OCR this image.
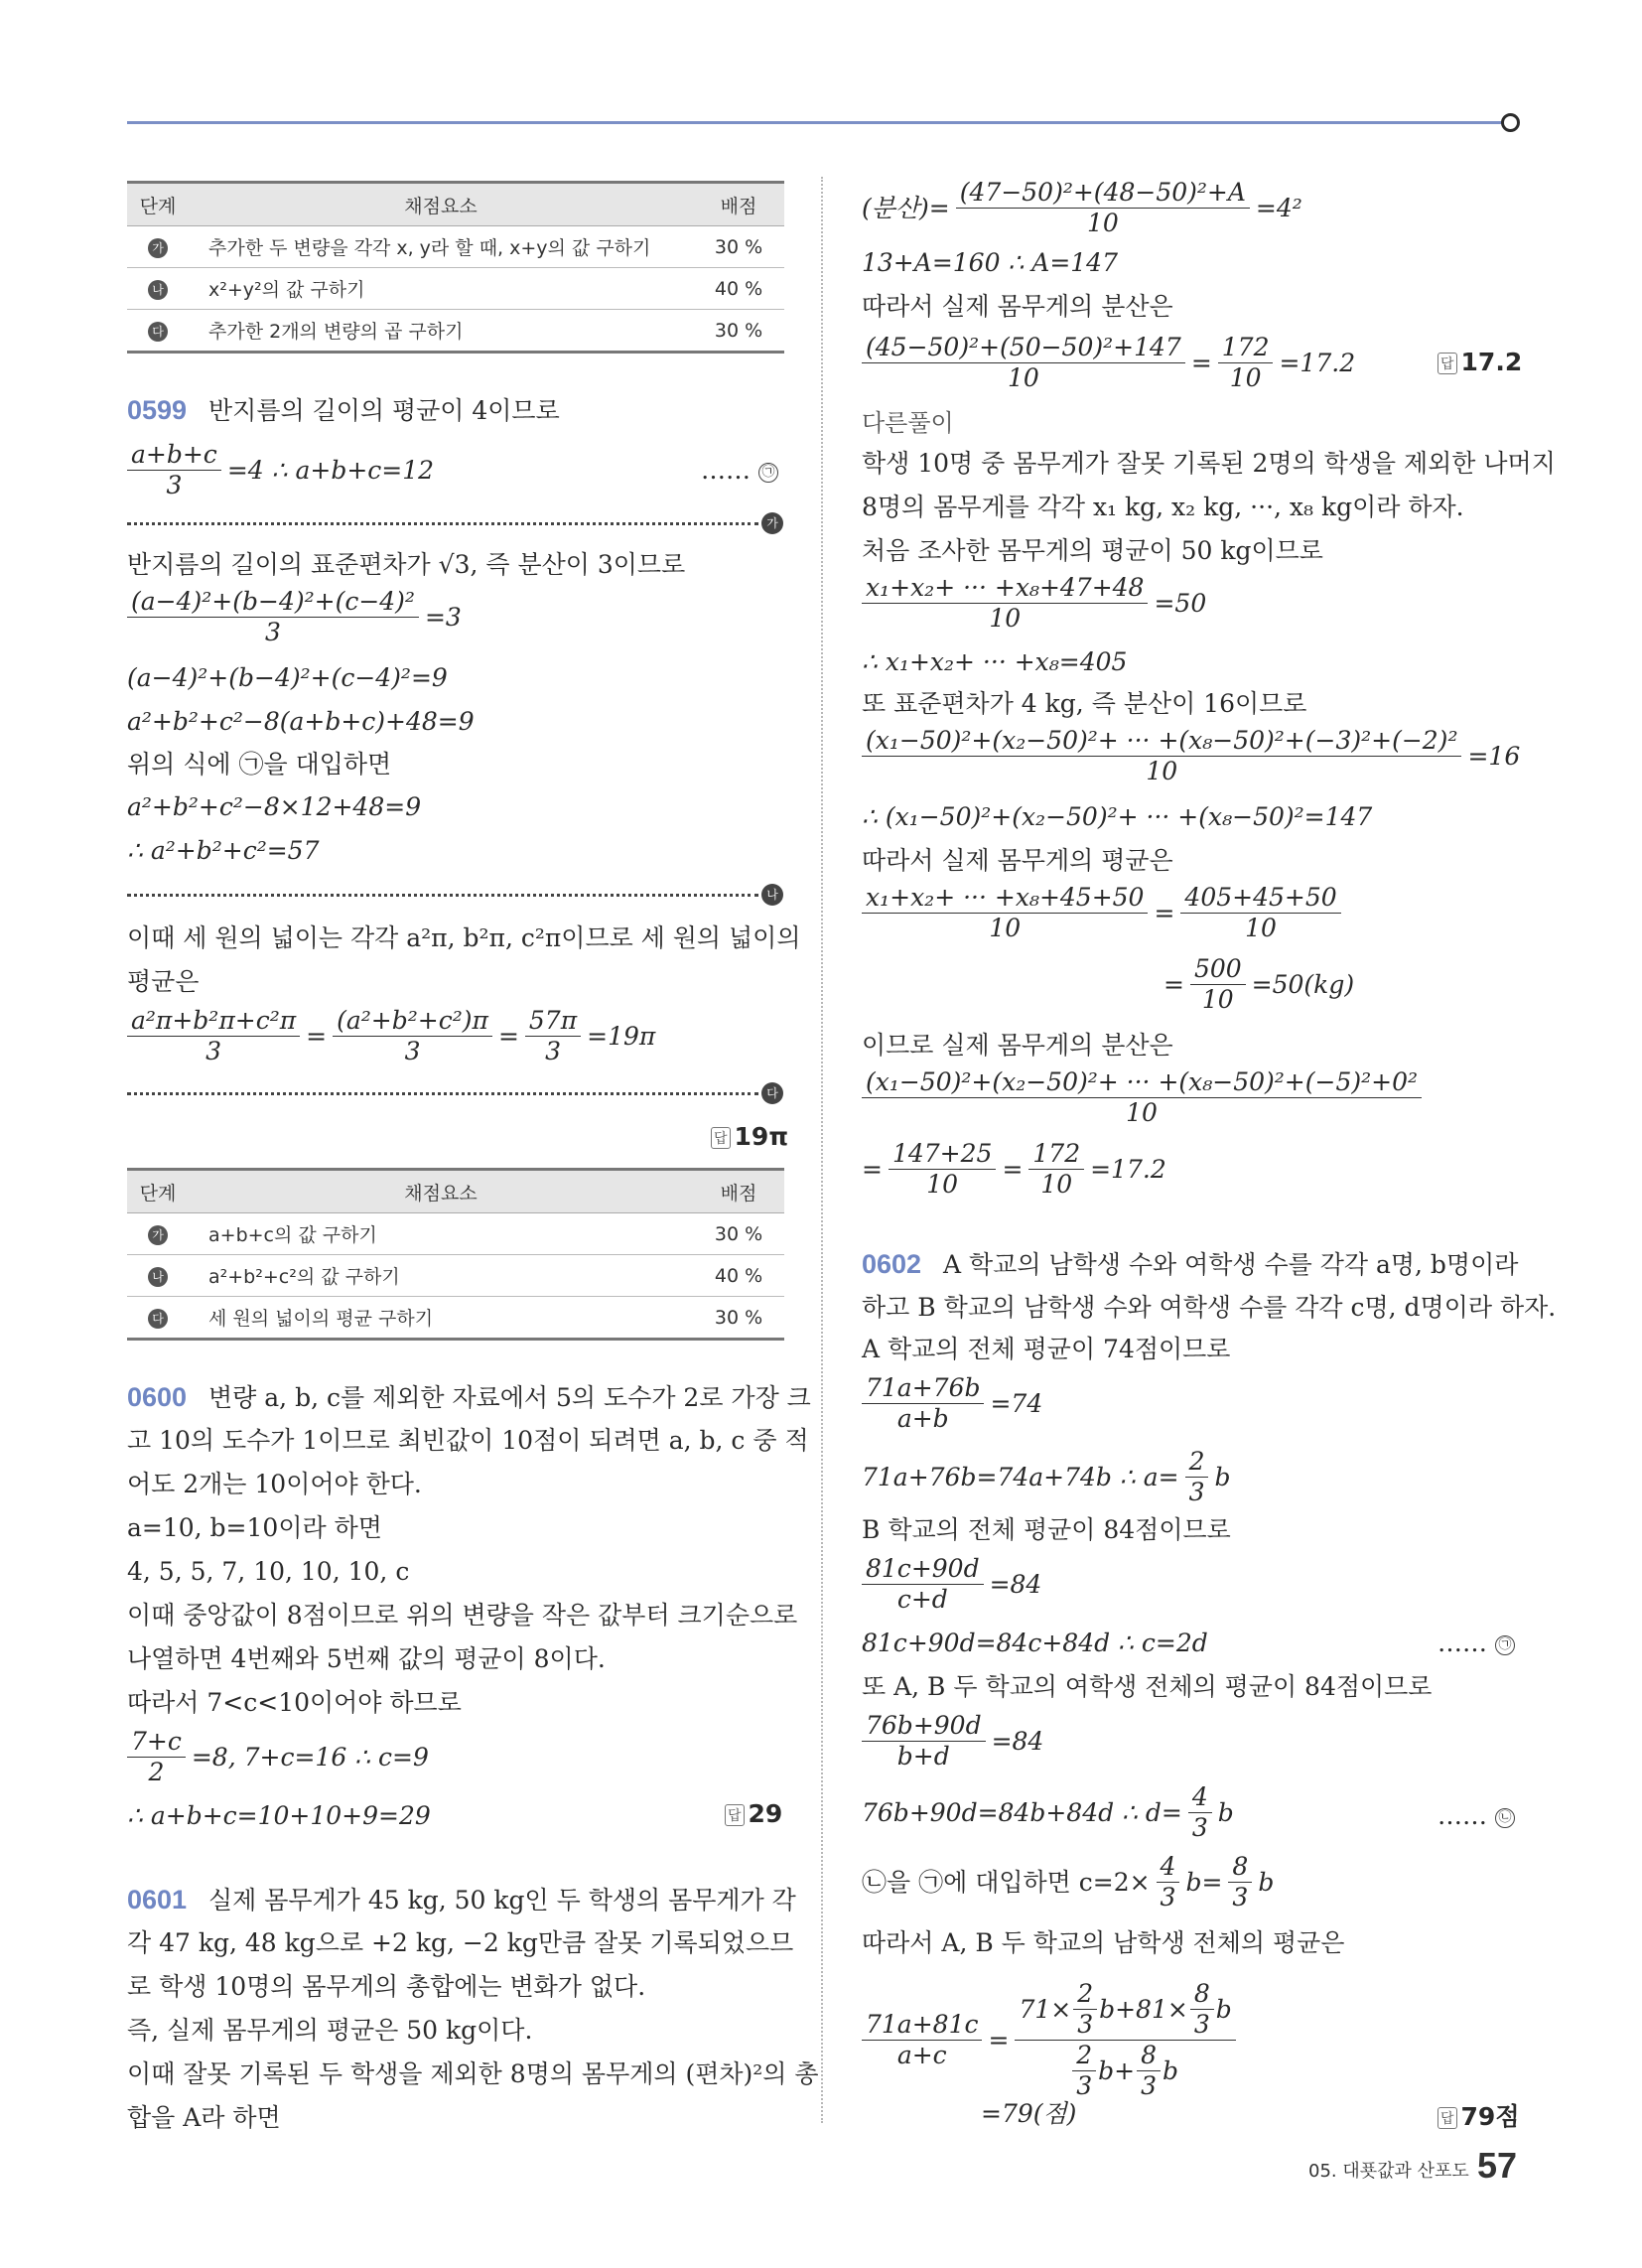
단계	채점요소	배점
가	추가한 두 변량을 각각 x, y라 할 때, x+y의 값 구하기	30 %
나	x²+y²의 값 구하기	40 %
다	추가한 2개의 변량의 곱 구하기	30 %
0599 반지름의 길이의 평균이 4이므로
$\frac{a+b+c}{3} =4$ ∴ a+b+c=12	…… ㉠
가
반지름의 길이의 표준편차가 √3, 즉 분산이 3이므로
$\frac{\text{(a−4)²+(b−4)²+(c−4)²}}{3} =3$
(a−4)²+(b−4)²+(c−4)²=9
a²+b²+c²−8(a+b+c)+48=9
위의 식에 ㉠을 대입하면
a²+b²+c²−8×12+48=9
∴ a²+b²+c²=57
나
이때 세 원의 넓이는 각각 a²π, b²π, c²π이므로 세 원의 넓이의
평균은
$\frac{\text{a²π+b²π+c²π}}{3} = \frac{\text{(a²+b²+c²)π}}{3} = \frac{57\pi}{3} =19\pi$
다
답 19π
단계	채점요소	배점
가	a+b+c의 값 구하기	30 %
나	a²+b²+c²의 값 구하기	40 %
다	세 원의 넓이의 평균 구하기	30 %
0600 변량 a, b, c를 제외한 자료에서 5의 도수가 2로 가장 크
고 10의 도수가 1이므로 최빈값이 10점이 되려면 a, b, c 중 적
어도 2개는 10이어야 한다.
a=10, b=10이라 하면
4, 5, 5, 7, 10, 10, 10, c
이때 중앙값이 8점이므로 위의 변량을 작은 값부터 크기순으로
나열하면 4번째와 5번째 값의 평균이 8이다.
따라서 7<c<10이어야 하므로
$\frac{7+c}{2} =8$, 7+c=16 ∴ c=9
∴ a+b+c=10+10+9=29	답 29
0601 실제 몸무게가 45 kg, 50 kg인 두 학생의 몸무게가 각
각 47 kg, 48 kg으로 +2 kg, −2 kg만큼 잘못 기록되었으므
로 학생 10명의 몸무게의 총합에는 변화가 없다.
즉, 실제 몸무게의 평균은 50 kg이다.
이때 잘못 기록된 두 학생을 제외한 8명의 몸무게의 (편차)²의 총
합을 A라 하면
(분산)= $\frac{\text{(47−50)²+(48−50)²+A}}{10} =4^2$
13+A=160 ∴ A=147
따라서 실제 몸무게의 분산은
$\frac{\text{(45−50)²+(50−50)²+147}}{10} = \frac{172}{10} =17.2$	답 17.2
다른풀이
학생 10명 중 몸무게가 잘못 기록된 2명의 학생을 제외한 나머지
8명의 몸무게를 각각 x₁ kg, x₂ kg, ···, x₈ kg이라 하자.
처음 조사한 몸무게의 평균이 50 kg이므로
$\frac{\text{x₁+x₂+ ··· +x₈+47+48}}{10} =50$
∴ x₁+x₂+ ··· +x₈=405
또 표준편차가 4 kg, 즉 분산이 16이므로
$\frac{\text{(x₁−50)²+(x₂−50)²+ ··· +(x₈−50)²+(−3)²+(−2)²}}{10} =16$
∴ (x₁−50)²+(x₂−50)²+ ··· +(x₈−50)²=147
따라서 실제 몸무게의 평균은
$\frac{\text{x₁+x₂+ ··· +x₈+45+50}}{10} = \frac{405+45+50}{10}$
= $\frac{500}{10} =50(kg)$
이므로 실제 몸무게의 분산은
$\frac{\text{(x₁−50)²+(x₂−50)²+ ··· +(x₈−50)²+(−5)²+0²}}{10}$
= $\frac{147+25}{10} = \frac{172}{10} =17.2$
0602 A 학교의 남학생 수와 여학생 수를 각각 a명, b명이라
하고 B 학교의 남학생 수와 여학생 수를 각각 c명, d명이라 하자.
A 학교의 전체 평균이 74점이므로
$\frac{71a+76b}{a+b} =74$
71a+76b=74a+74b ∴ $a= \frac{2}{3}$ b
B 학교의 전체 평균이 84점이므로
$\frac{81c+90d}{c+d} =84$
81c+90d=84c+84d ∴ c=2d	…… ㉠
또 A, B 두 학교의 여학생 전체의 평균이 84점이므로
$\frac{76b+90d}{b+d} =84$
76b+90d=84b+84d ∴ $d= \frac{4}{3}$ b	…… ㉡
㉡을 ㉠에 대입하면 $c=2\times \frac{4}{3} b= \frac{8}{3}$ b
따라서 A, B 두 학교의 남학생 전체의 평균은
$\frac{71a+81c}{a+c} = \frac{71\times \frac{2}{3} b+81\times \frac{8}{3} b}{\frac{2}{3} b+ \frac{8}{3} b}$
=79(점)	답 79점
05. 대푯값과 산포도 57
